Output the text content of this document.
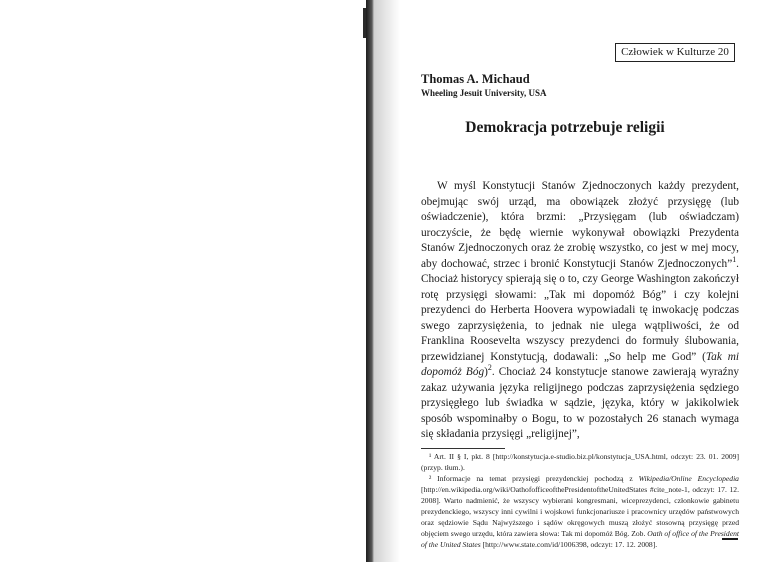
Człowiek w Kulturze 20
Thomas A. Michaud
Wheeling Jesuit University, USA
Demokracja potrzebuje religii

W myśl Konstytucji Stanów Zjednoczonych każdy prezydent, obejmując swój urząd, ma obowiązek złożyć przysięgę (lub oświadczenie), która brzmi: „Przysięgam (lub oświadczam) uroczyście, że będę wiernie wykonywał obowiązki Prezydenta Stanów Zjednoczonych oraz że zrobię wszystko, co jest w mej mocy, aby dochować, strzec i bronić Konstytucji Stanów Zjednoczonych”$^1$. Chociaż historycy spierają się o to, czy George Washington zakończył rotę przysięgi słowami: „Tak mi dopomóż Bóg” i czy kolejni prezydenci do Herberta Hoovera wypowiadali tę inwokację podczas swego zaprzysiężenia, to jednak nie ulega wątpliwości, że od Franklina Roosevelta wszyscy prezydenci do formuły ślubowania, przewidzianej Konstytucją, dodawali: „So help me God” (Tak mi dopomóż Bóg)$^2$. Chociaż 24 konstytucje stanowe zawierają wyraźny zakaz używania języka religijnego podczas zaprzysiężenia sędziego przysięgłego lub świadka w sądzie, języka, który w jakikolwiek sposób wspominałby o Bogu, to w pozostałych 26 stanach wymaga się składania przysięgi „religijnej”,

¹ Art. II § I, pkt. 8 [http://konstytucja.e-studio.biz.pl/konstytucja_USA.html, odczyt: 23. 01. 2009] (przyp. tłum.).

² Informacje na temat przysięgi prezydenckiej pochodzą z Wikipedia/Online Encyclopedia [http://en.wikipedia.org/wiki/OathofofficeofthePresidentoftheUnitedStates #cite_note-1, odczyt: 17. 12. 2008]. Warto nadmienić, że wszyscy wybierani kongresmani, wiceprezydenci, członkowie gabinetu prezydenckiego, wszyscy inni cywilni i wojskowi funkcjonariusze i pracownicy urzędów państwowych oraz sędziowie Sądu Najwyższego i sądów okręgowych muszą złożyć stosowną przysięgę przed objęciem swego urzędu, która zawiera słowa: Tak mi dopomóż Bóg. Zob. Oath of office of the President of the United States [http://www.state.com/id/1006398, odczyt: 17. 12. 2008].
